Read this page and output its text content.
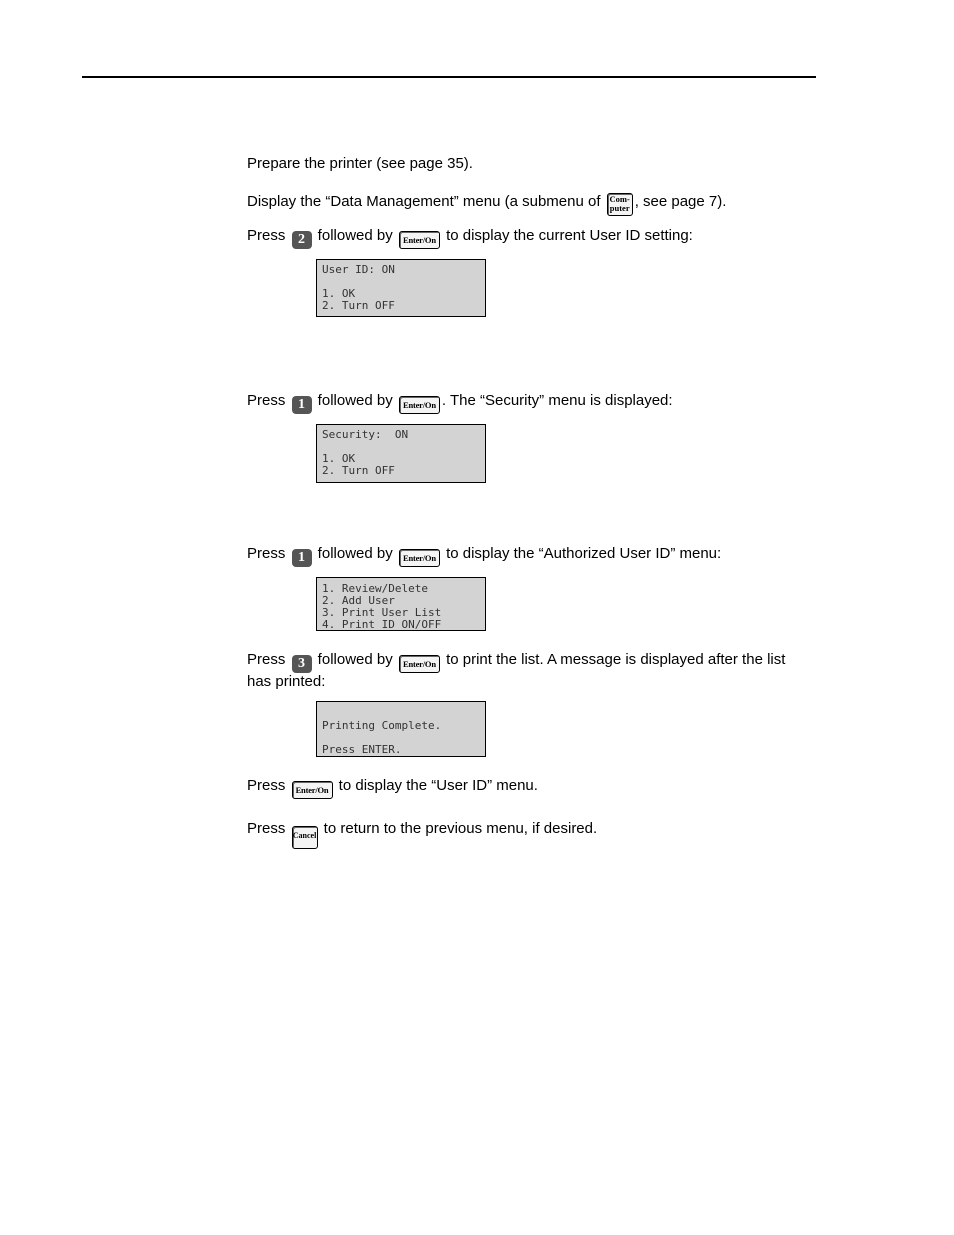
Prepare the printer (see page 35).
Display the “Data Management” menu (a submenu of Com-
puter , see page 7).
Press 2 followed by Enter/On to display the current User ID setting:
User ID: ON
1. OK
2. Turn OFF
Press 1 followed by Enter/On . The “Security” menu is displayed:
Security:  ON
1. OK
2. Turn OFF
Press 1 followed by Enter/On to display the “Authorized User ID” menu:
1. Review/Delete
2. Add User
3. Print User List
4. Print ID ON/OFF
Press 3 followed by Enter/On to print the list. A message is displayed after the list has printed:
Printing Complete.
Press ENTER.
Press Enter/On to display the “User ID” menu.
Press Cancel to return to the previous menu, if desired.
